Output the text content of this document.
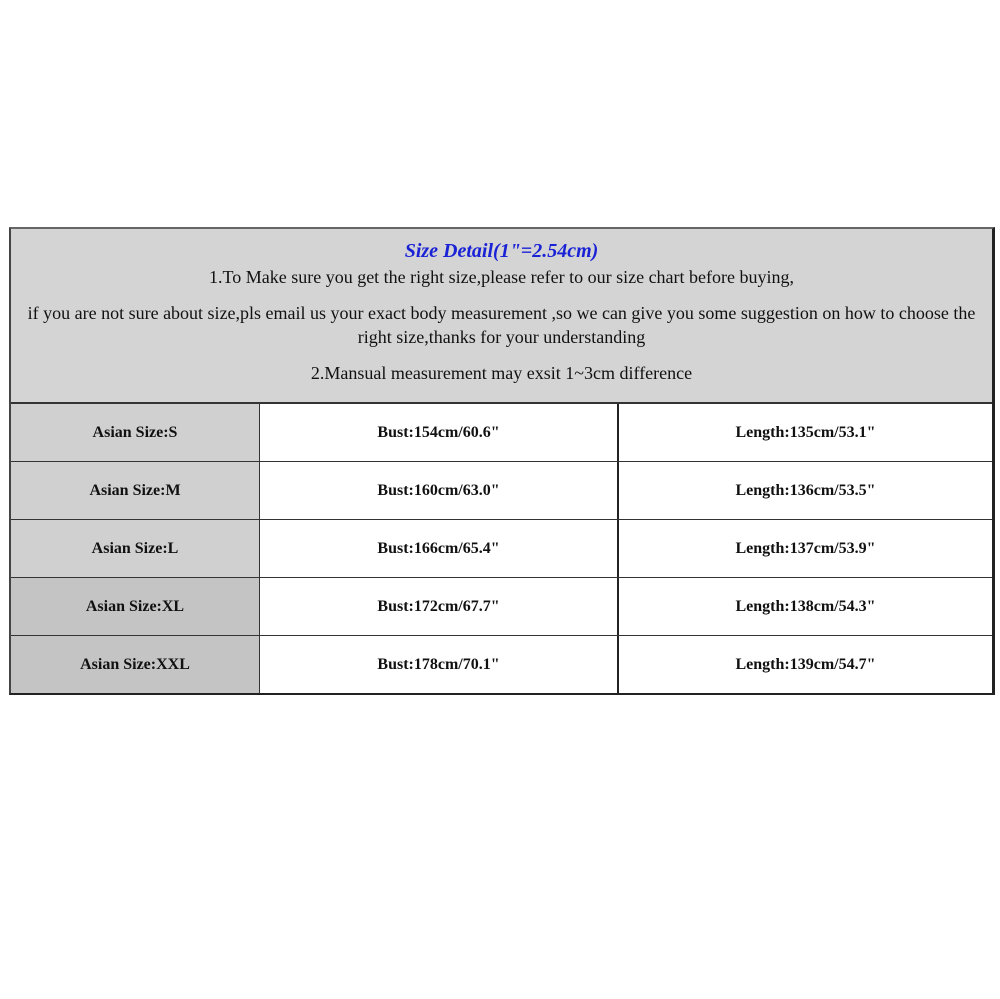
Size Detail(1"=2.54cm)
1.To Make sure you get the right size,please refer to our size chart before buying,
if you are not sure about size,pls email us your exact body measurement ,so we can give you some suggestion on how to choose the right size,thanks for your understanding
2.Mansual measurement may exsit 1~3cm difference
Asian Size:S	Bust:154cm/60.6"	Length:135cm/53.1"
Asian Size:M	Bust:160cm/63.0"	Length:136cm/53.5"
Asian Size:L	Bust:166cm/65.4"	Length:137cm/53.9"
Asian Size:XL	Bust:172cm/67.7"	Length:138cm/54.3"
Asian Size:XXL	Bust:178cm/70.1"	Length:139cm/54.7"
